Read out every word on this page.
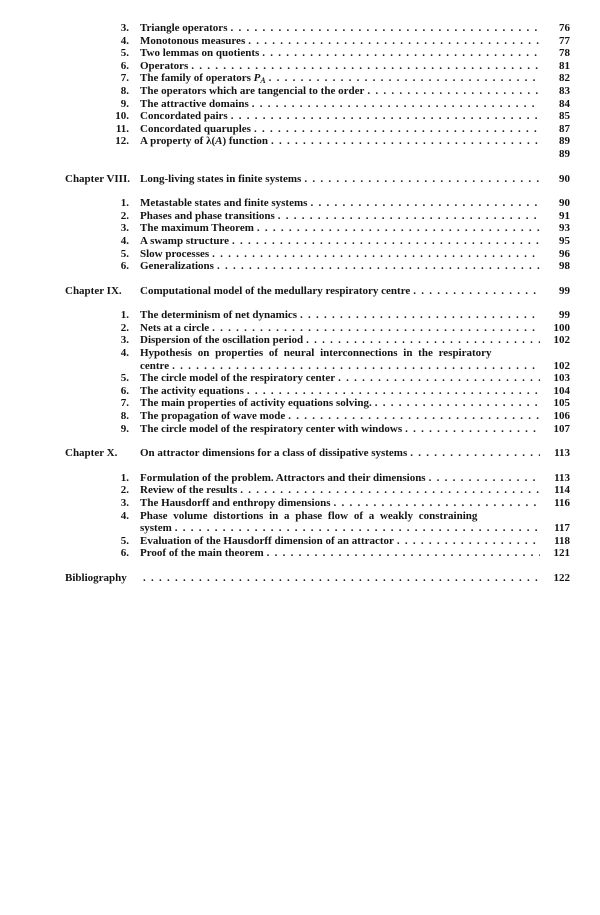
3.	Triangle operators	76
4.	Monotonous measures	77
5.	Two lemmas on quotients	78
6.	Operators	81
7.	The family of operators $P_A$	82
8.	The operators which are tangencial to the order	83
9.	The attractive domains	84
10.	Concordated pairs	85
11.	Concordated quaruples	87
12.	A property of λ(A) function	89

89
Chapter VIII. Long-living states in finite systems	90
1.	Metastable states and finite systems	90
2.	Phases and phase transitions	91
3.	The maximum Theorem	93
4.	A swamp structure	95
5.	Slow processes	96
6.	Generalizations	98
Chapter IX.	Computational model of the medullary respiratory centre	99
1.	The determinism of net dynamics	99
2.	Nets at a circle	100
3.	Dispersion of the oscillation period	102
4.	Hypothesis on properties of neural interconnections in the respiratory
centre	102
5.	The circle model of the respiratory center	103
6.	The activity equations	104
7.	The main properties of activity equations solving.	105
8.	The propagation of wave mode	106
9.	The circle model of the respiratory center with windows	107
Chapter X.	On attractor dimensions for a class of dissipative systems	113
1.	Formulation of the problem. Attractors and their dimensions	113
2.	Review of the results	114
3.	The Hausdorff and enthropy dimensions	116
4.	Phase volume distortions in a phase flow of a weakly constraining
system	117
5.	Evaluation of the Hausdorff dimension of an attractor	118
6.	Proof of the main theorem	121
Bibliography	122
